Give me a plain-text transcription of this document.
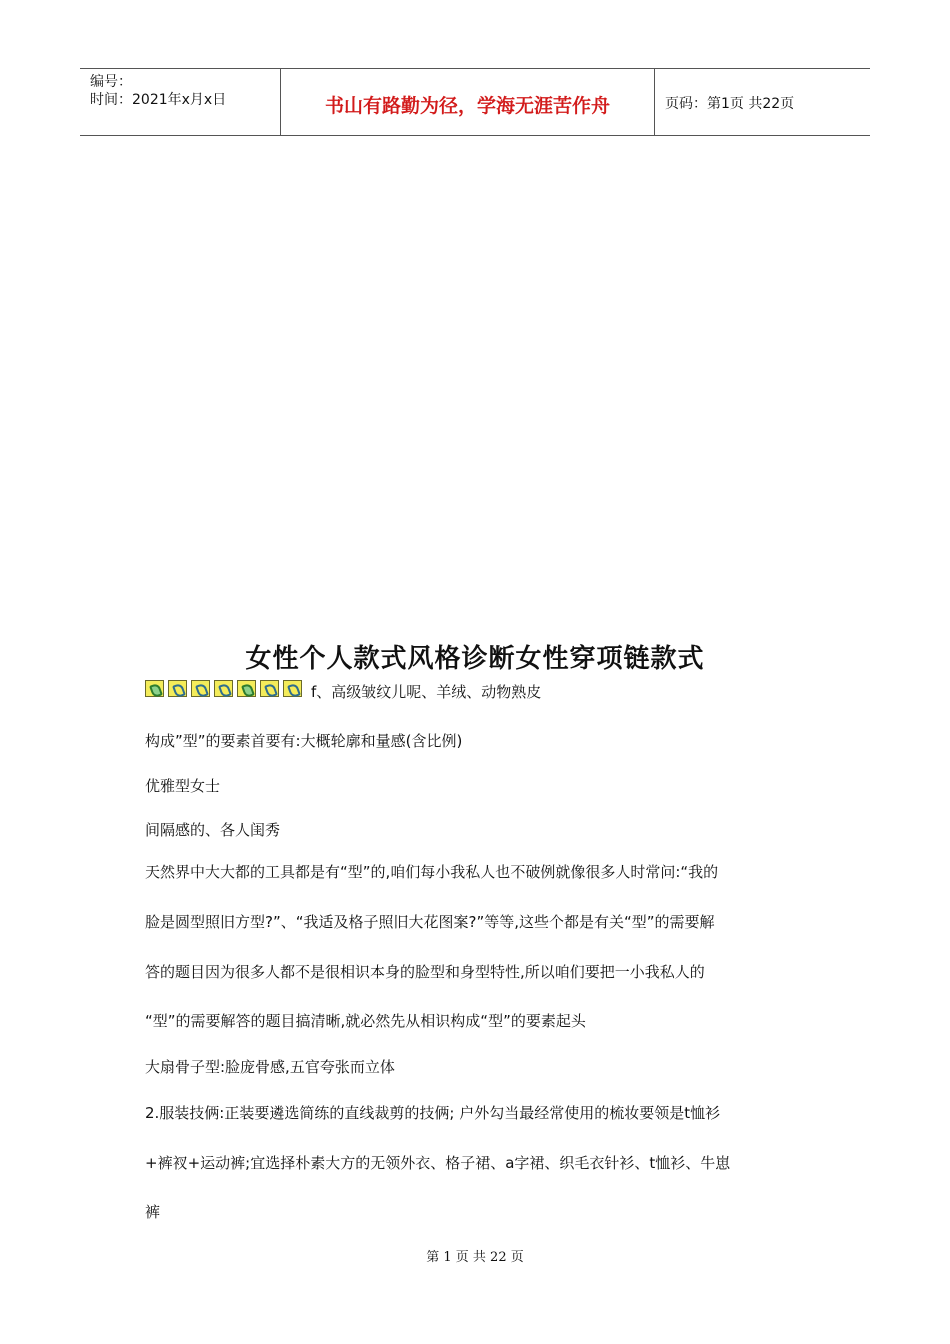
编号：
时间：2021年x月x日	书山有路勤为径，学海无涯苦作舟	页码：第1页 共22页
女性个人款式风格诊断女性穿项链款式
f、高级皱纹儿呢、羊绒、动物熟皮
构成”型”的要素首要有:大概轮廓和量感(含比例)
优雅型女士
间隔感的、各人闺秀
天然界中大大都的工具都是有“型”的,咱们每小我私人也不破例就像很多人时常问:“我的
脸是圆型照旧方型?”、“我适及格子照旧大花图案?”等等,这些个都是有关“型”的需要解
答的题目因为很多人都不是很相识本身的脸型和身型特性,所以咱们要把一小我私人的
“型”的需要解答的题目搞清晰,就必然先从相识构成“型”的要素起头
大扇骨子型:脸庞骨感,五官夸张而立体
2.服装技俩:正装要遴选简练的直线裁剪的技俩; 户外勾当最经常使用的梳妆要领是t恤衫
+裤衩+运动裤;宜选择朴素大方的无领外衣、格子裙、a字裙、织毛衣针衫、t恤衫、牛崽
裤
第 1 页 共 22 页
